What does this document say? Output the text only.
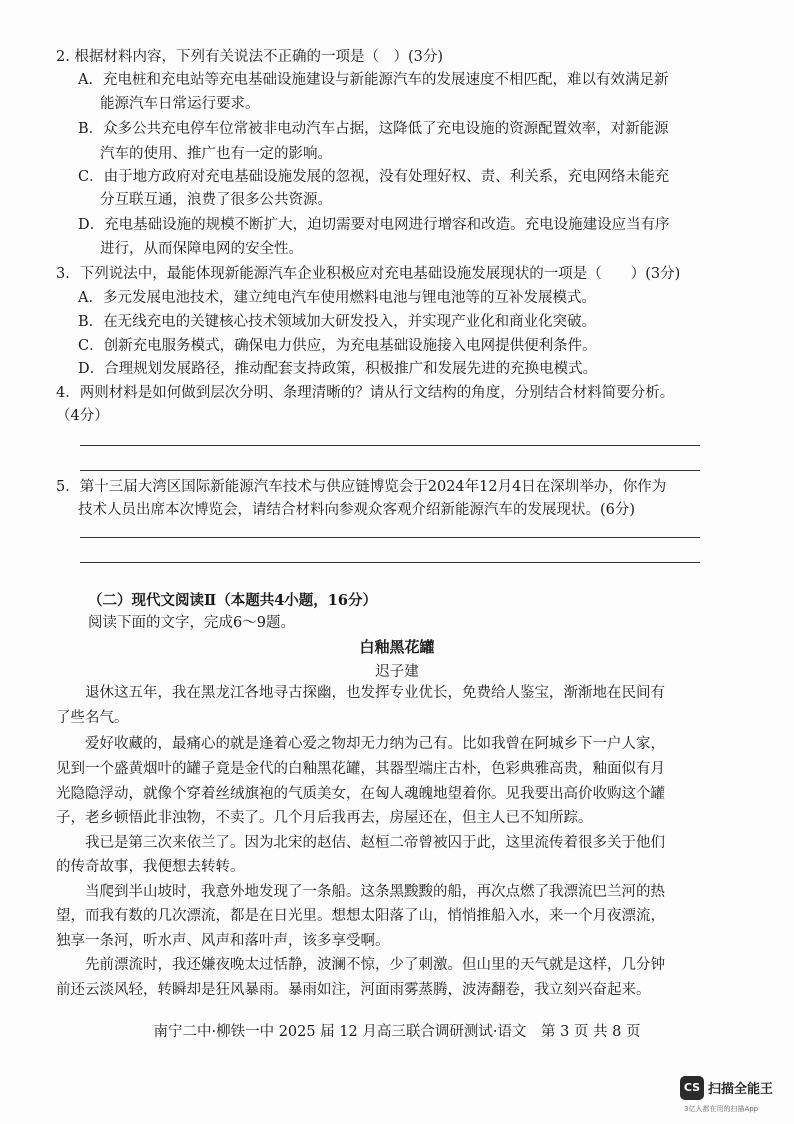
2. 根据材料内容，下列有关说法不正确的一项是（　）(3分)
A．充电桩和充电站等充电基础设施建设与新能源汽车的发展速度不相匹配，难以有效满足新
能源汽车日常运行要求。
B．众多公共充电停车位常被非电动汽车占据，这降低了充电设施的资源配置效率，对新能源
汽车的使用、推广也有一定的影响。
C．由于地方政府对充电基础设施发展的忽视，没有处理好权、责、利关系，充电网络未能充
分互联互通，浪费了很多公共资源。
D．充电基础设施的规模不断扩大，迫切需要对电网进行增容和改造。充电设施建设应当有序
进行，从而保障电网的安全性。
3．下列说法中，最能体现新能源汽车企业积极应对充电基础设施发展现状的一项是（　　）(3分)
A．多元发展电池技术，建立纯电汽车使用燃料电池与锂电池等的互补发展模式。
B．在无线充电的关键核心技术领域加大研发投入，并实现产业化和商业化突破。
C．创新充电服务模式，确保电力供应，为充电基础设施接入电网提供便利条件。
D．合理规划发展路径，推动配套支持政策，积极推广和发展先进的充换电模式。
4．两则材料是如何做到层次分明、条理清晰的？请从行文结构的角度，分别结合材料简要分析。
（4分）
5．第十三届大湾区国际新能源汽车技术与供应链博览会于2024年12月4日在深圳举办，你作为
技术人员出席本次博览会，请结合材料向参观众客观介绍新能源汽车的发展现状。(6分)
（二）现代文阅读Ⅱ（本题共4小题，16分）
阅读下面的文字，完成6～9题。
白釉黑花罐
迟子建
　　退休这五年，我在黑龙江各地寻古探幽，也发挥专业优长，免费给人鉴宝，渐渐地在民间有
了些名气。
　　爱好收藏的，最痛心的就是逢着心爱之物却无力纳为己有。比如我曾在阿城乡下一户人家，
见到一个盛黄烟叶的罐子竟是金代的白釉黑花罐，其器型端庄古朴，色彩典雅高贵，釉面似有月
光隐隐浮动，就像个穿着丝绒旗袍的气质美女，在匈人魂魄地望着你。见我要出高价收购这个罐
子，老乡顿悟此非浊物，不卖了。几个月后我再去，房屋还在，但主人已不知所踪。
　　我已是第三次来依兰了。因为北宋的赵佶、赵桓二帝曾被囚于此，这里流传着很多关于他们
的传奇故事，我便想去转转。
　　当爬到半山坡时，我意外地发现了一条船。这条黑黢黢的船，再次点燃了我漂流巴兰河的热
望，而我有数的几次漂流，都是在日光里。想想太阳落了山，悄悄推船入水，来一个月夜漂流，
独享一条河，听水声、风声和落叶声，该多享受啊。
　　先前漂流时，我还嫌夜晚太过恬静，波澜不惊，少了刺激。但山里的天气就是这样，几分钟
前还云淡风轻，转瞬却是狂风暴雨。暴雨如注，河面雨雾蒸腾，波涛翻卷，我立刻兴奋起来。
南宁二中·柳铁一中 2025 届 12 月高三联合调研测试·语文　第 3 页 共 8 页
CS 扫描全能王
3亿人都在用的扫描App
